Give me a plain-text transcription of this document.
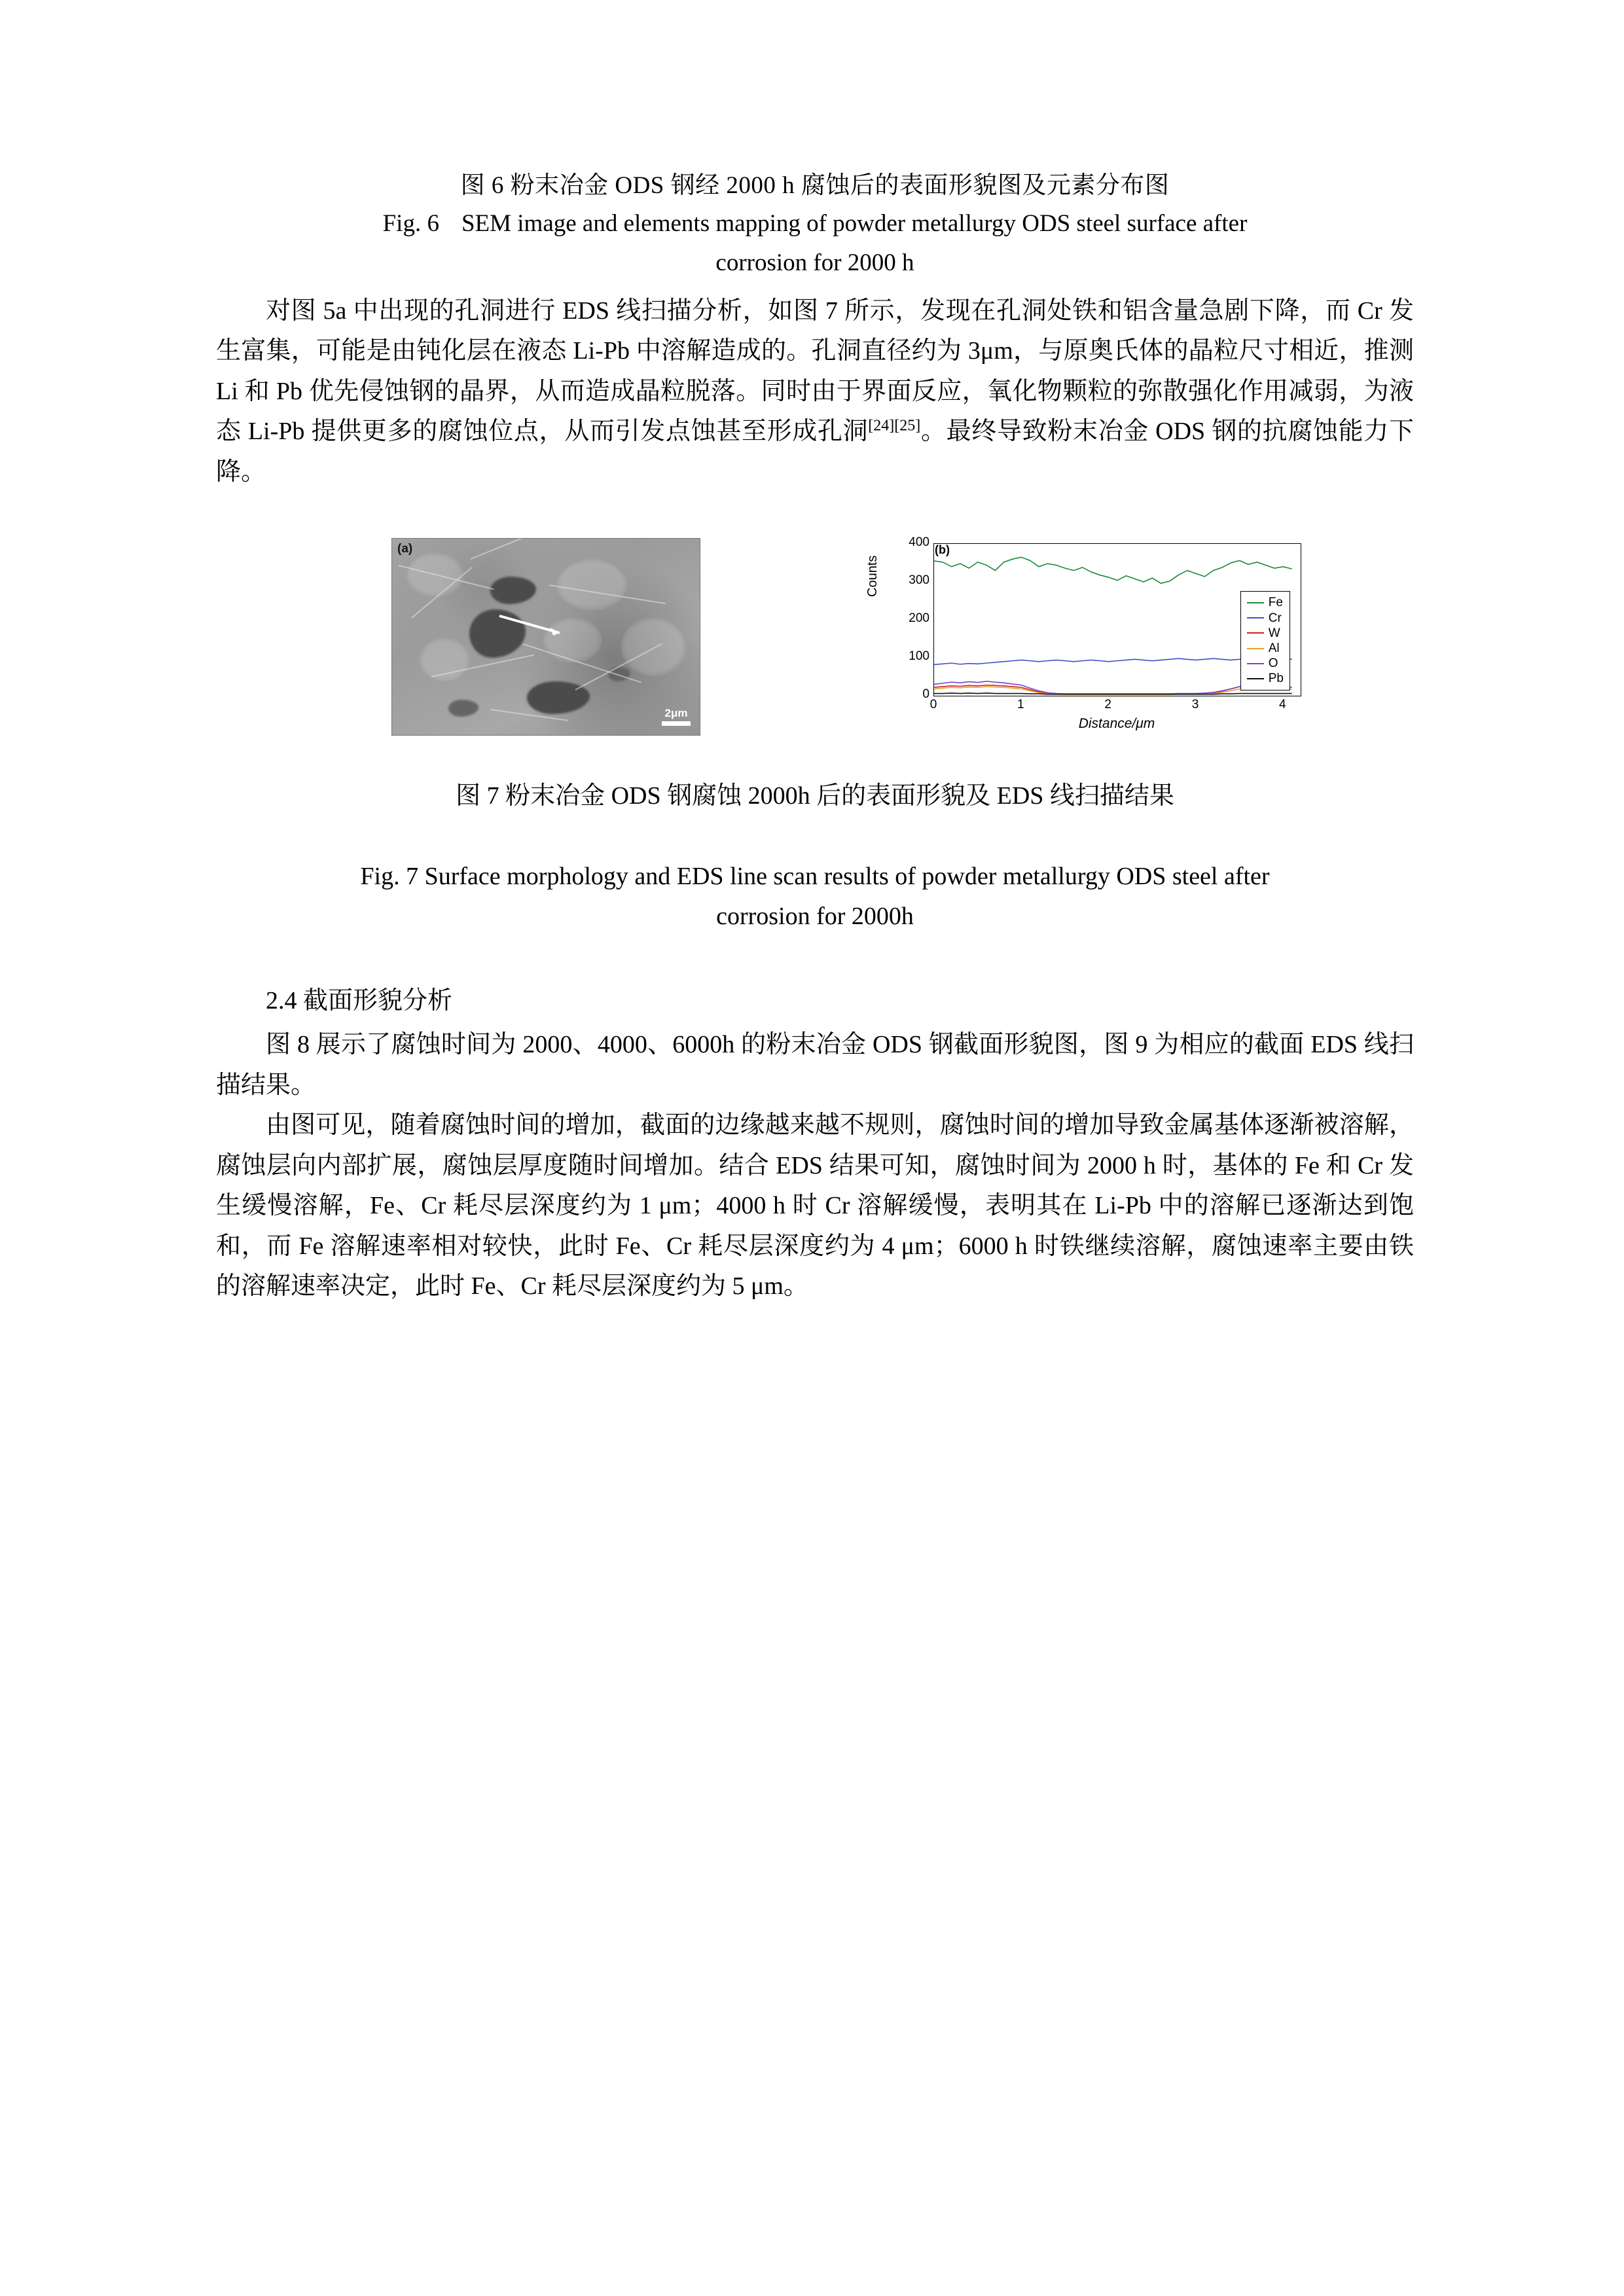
图 6 粉末冶金 ODS 钢经 2000 h 腐蚀后的表面形貌图及元素分布图
Fig. 6 SEM image and elements mapping of powder metallurgy ODS steel surface after
corrosion for 2000 h

对图 5a 中出现的孔洞进行 EDS 线扫描分析，如图 7 所示，发现在孔洞处铁和铝含量急剧下降，而 Cr 发生富集，可能是由钝化层在液态 Li-Pb 中溶解造成的。孔洞直径约为 3μm，与原奥氏体的晶粒尺寸相近，推测 Li 和 Pb 优先侵蚀钢的晶界，从而造成晶粒脱落。同时由于界面反应，氧化物颗粒的弥散强化作用减弱，为液态 Li-Pb 提供更多的腐蚀位点，从而引发点蚀甚至形成孔洞[24][25]。最终导致粉末冶金 ODS 钢的抗腐蚀能力下降。

(a)
2μm
Counts
0
100
200
300
400
Fe
Cr
W
Al
O
Pb
(b)
0	1	2	3	4
Distance/μm
图 7 粉末冶金 ODS 钢腐蚀 2000h 后的表面形貌及 EDS 线扫描结果
Fig. 7 Surface morphology and EDS line scan results of powder metallurgy ODS steel after
corrosion for 2000h
2.4 截面形貌分析

图 8 展示了腐蚀时间为 2000、4000、6000h 的粉末冶金 ODS 钢截面形貌图，图 9 为相应的截面 EDS 线扫描结果。

由图可见，随着腐蚀时间的增加，截面的边缘越来越不规则，腐蚀时间的增加导致金属基体逐渐被溶解，腐蚀层向内部扩展，腐蚀层厚度随时间增加。结合 EDS 结果可知，腐蚀时间为 2000 h 时，基体的 Fe 和 Cr 发生缓慢溶解，Fe、Cr 耗尽层深度约为 1 μm；4000 h 时 Cr 溶解缓慢，表明其在 Li-Pb 中的溶解已逐渐达到饱和，而 Fe 溶解速率相对较快，此时 Fe、Cr 耗尽层深度约为 4 μm；6000 h 时铁继续溶解，腐蚀速率主要由铁的溶解速率决定，此时 Fe、Cr 耗尽层深度约为 5 μm。
